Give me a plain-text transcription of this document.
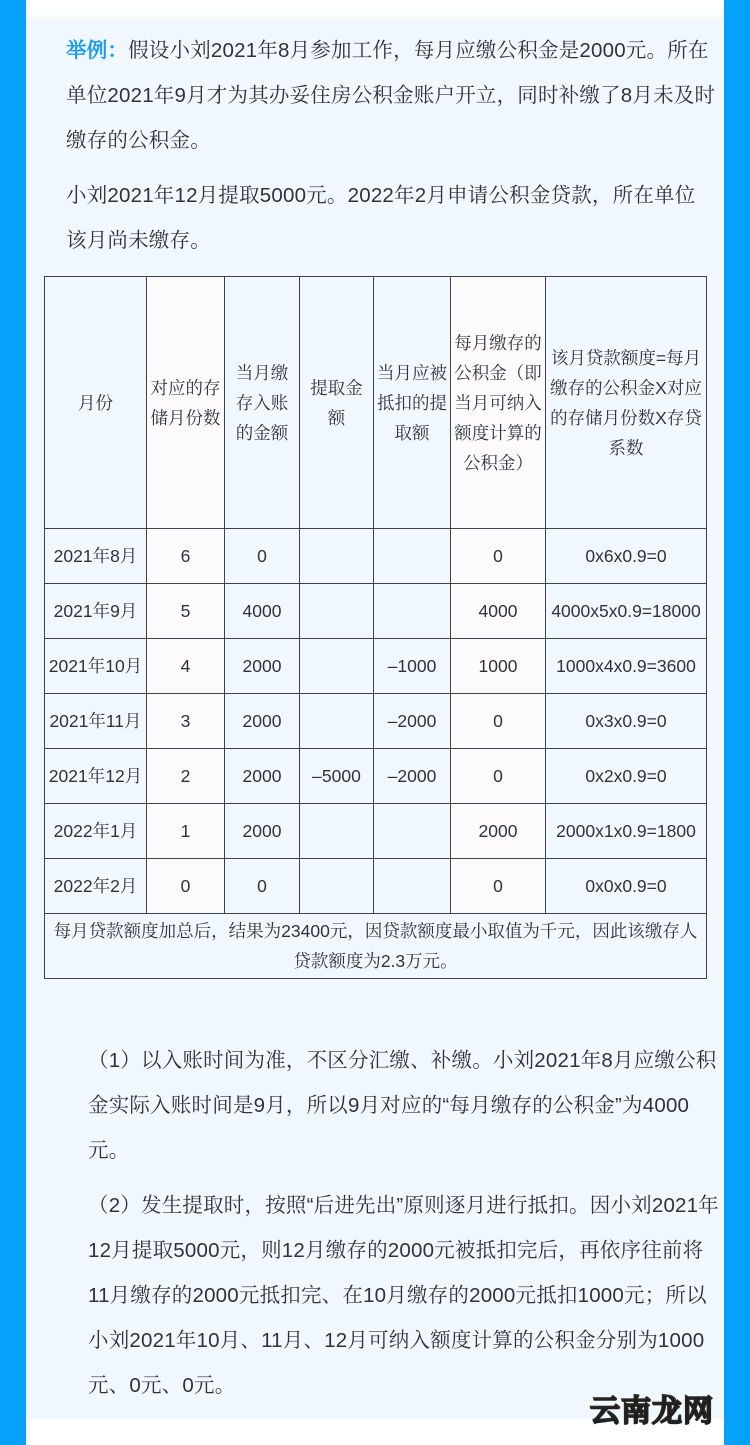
举例：假设小刘2021年8月参加工作，每月应缴公积金是2000元。所在单位2021年9月才为其办妥住房公积金账户开立，同时补缴了8月未及时缴存的公积金。
小刘2021年12月提取5000元。2022年2月申请公积金贷款，所在单位该月尚未缴存。
月份	对应的存储月份数	当月缴存入账的金额	提取金额	当月应被抵扣的提取额	每月缴存的公积金（即当月可纳入额度计算的公积金）	该月贷款额度=每月缴存的公积金X对应的存储月份数X存贷系数
2021年8月	6	0			0	0x6x0.9=0
2021年9月	5	4000			4000	4000x5x0.9=18000
2021年10月	4	2000		–1000	1000	1000x4x0.9=3600
2021年11月	3	2000		–2000	0	0x3x0.9=0
2021年12月	2	2000	–5000	–2000	0	0x2x0.9=0
2022年1月	1	2000			2000	2000x1x0.9=1800
2022年2月	0	0			0	0x0x0.9=0
每月贷款额度加总后，结果为23400元，因贷款额度最小取值为千元，因此该缴存人贷款额度为2.3万元。						
（1）以入账时间为准，不区分汇缴、补缴。小刘2021年8月应缴公积金实际入账时间是9月，所以9月对应的“每月缴存的公积金”为4000元。
（2）发生提取时，按照“后进先出”原则逐月进行抵扣。因小刘2021年12月提取5000元，则12月缴存的2000元被抵扣完后，再依序往前将11月缴存的2000元抵扣完、在10月缴存的2000元抵扣1000元；所以小刘2021年10月、11月、12月可纳入额度计算的公积金分别为1000元、0元、0元。
云南龙网
